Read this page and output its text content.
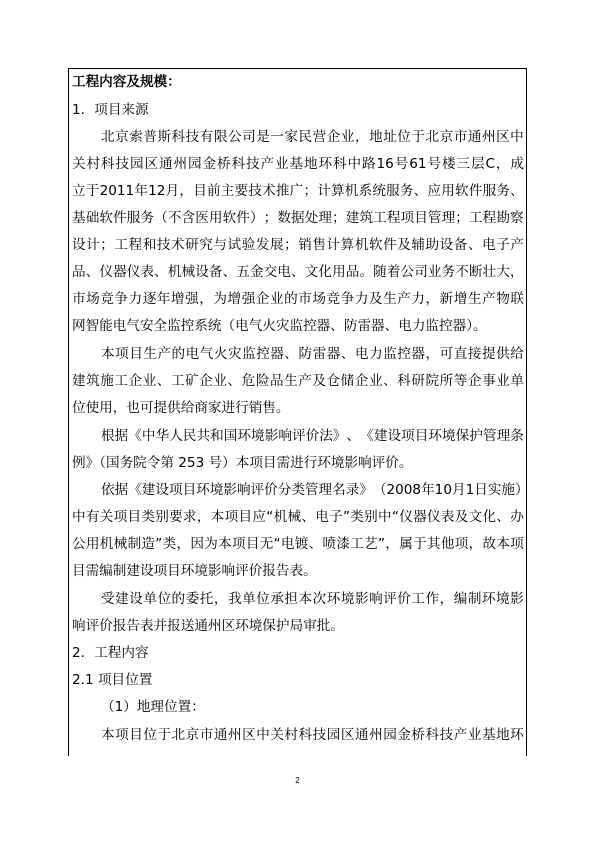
工程内容及规模：
1．项目来源
北 京 索 普 斯 科 技 有 限 公 司 是 一 家 民 营 企 业 ， 地 址 位 于 北 京 市 通 州 区 中
关 村 科 技 园 区 通 州 园 金 桥 科 技 产 业 基 地 环 科 中 路 16 号 61 号 楼 三 层 C ， 成
立 于 2011 年 12 月 ， 目 前 主 要 技 术 推 广 ； 计 算 机 系 统 服 务 、 应 用 软 件 服 务 、
基 础 软 件 服 务 （ 不 含 医 用 软 件 ） ； 数 据 处 理 ； 建 筑 工 程 项 目 管 理 ； 工 程 勘 察
设 计 ； 工 程 和 技 术 研 究 与 试 验 发 展 ； 销 售 计 算 机 软 件 及 辅 助 设 备 、 电 子 产
品 、 仪 器 仪 表 、 机 械 设 备 、 五 金 交 电 、 文 化 用 品 。 随 着 公 司 业 务 不 断 壮 大 ，
市 场 竞 争 力 逐 年 增 强 ， 为 增 强 企 业 的 市 场 竞 争 力 及 生 产 力 ， 新 增 生 产 物 联
网智能电气安全监控系统（电气火灾监控器、防雷器、电力监控器）。
本 项 目 生 产 的 电 气 火 灾 监 控 器 、 防 雷 器 、 电 力 监 控 器 ， 可 直 接 提 供 给
建 筑 施 工 企 业 、 工 矿 企 业 、 危 险 品 生 产 及 仓 储 企 业 、 科 研 院 所 等 企 事 业 单
位使用，也可提供给商家进行销售。
根 据 《 中 华 人 民 共 和 国 环 境 影 响 评 价 法 》 、 《 建 设 项 目 环 境 保 护 管 理 条
例》（国务院令第 253 号）本项目需进行环境影响评价。
依 据 《 建 设 项 目 环 境 影 响 评 价 分 类 管 理 名 录 》 （ 2008 年 10 月 1 日 实 施 ）
中 有 关 项 目 类 别 要 求 ， 本 项 目 应 “ 机 械 、 电 子 ” 类 别 中 “ 仪 器 仪 表 及 文 化 、 办
公 用 机 械 制 造 ” 类 ， 因 为 本 项 目 无 “ 电 镀 、 喷 漆 工 艺 ” ， 属 于 其 他 项 ， 故 本 项
目需编制建设项目环境影响评价报告表。
受 建 设 单 位 的 委 托 ， 我 单 位 承 担 本 次 环 境 影 响 评 价 工 作 ， 编 制 环 境 影
响评价报告表并报送通州区环境保护局审批。
2．工程内容
2.1 项目位置
（1）地理位置：
本 项 目 位 于 北 京 市 通 州 区 中 关 村 科 技 园 区 通 州 园 金 桥 科 技 产 业 基 地 环
2
